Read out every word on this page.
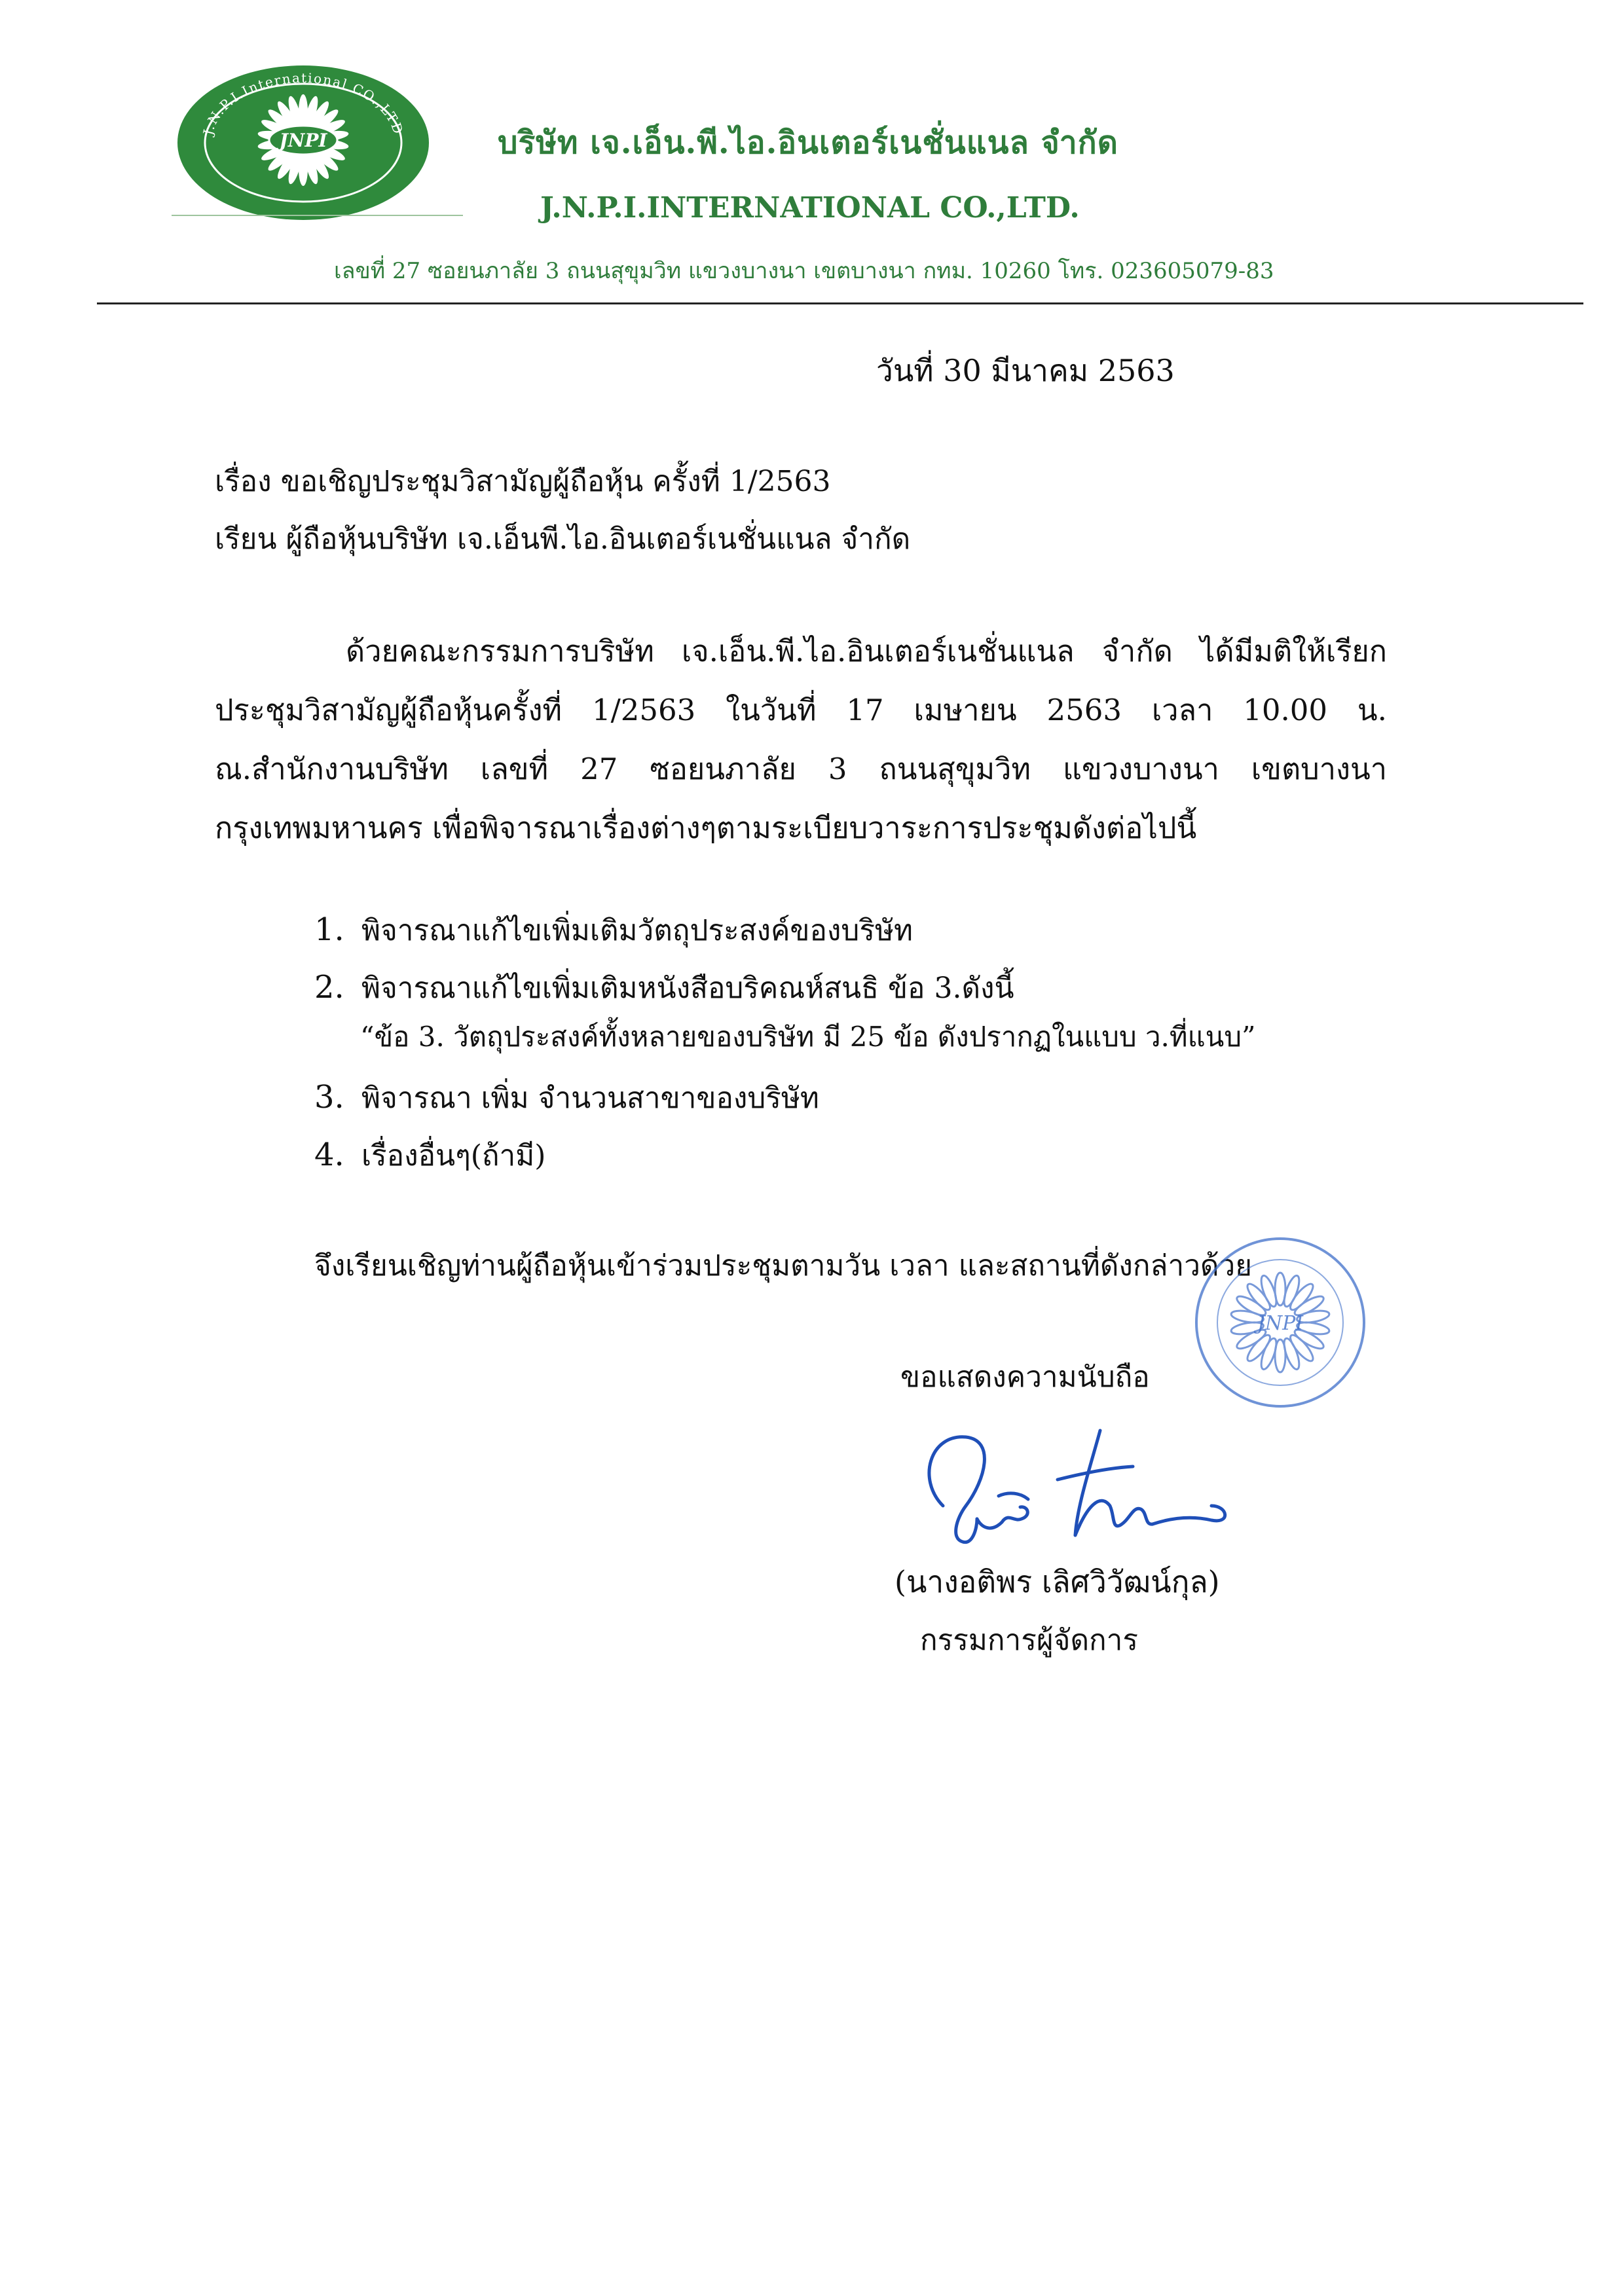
J.N.P.I.International CO.,LTD
JNPI	บริษัท เจ.เอ็น.พี.ไอ.อินเตอร์เนชั่นแนล จำกัด
J.N.P.I.INTERNATIONAL CO.,LTD.
เลขที่ 27 ซอยนภาลัย 3 ถนนสุขุมวิท แขวงบางนา เขตบางนา กทม. 10260 โทร. 023605079-83
วันที่ 30 มีนาคม 2563
เรื่อง ขอเชิญประชุมวิสามัญผู้ถือหุ้น ครั้งที่ 1/2563
เรียน ผู้ถือหุ้นบริษัท เจ.เอ็นพี.ไอ.อินเตอร์เนชั่นแนล จำกัด

ด้วยคณะกรรมการบริษัท เจ.เอ็น.พี.ไอ.อินเตอร์เนชั่นแนล จำกัด ได้มีมติให้เรียกประชุมวิสามัญผู้ถือหุ้นครั้งที่ 1/2563 ในวันที่ 17 เมษายน 2563 เวลา 10.00 น. ณ.สำนักงานบริษัท เลขที่ 27 ซอยนภาลัย 3 ถนนสุขุมวิท แขวงบางนา เขตบางนา กรุงเทพมหานคร เพื่อพิจารณาเรื่องต่างๆตามระเบียบวาระการประชุมดังต่อไปนี้

1. พิจารณาแก้ไขเพิ่มเติมวัตถุประสงค์ของบริษัท
2. พิจารณาแก้ไขเพิ่มเติมหนังสือบริคณห์สนธิ ข้อ 3.ดังนี้
“ข้อ 3. วัตถุประสงค์ทั้งหลายของบริษัท มี 25 ข้อ ดังปรากฏในแบบ ว.ที่แนบ”
3. พิจารณา เพิ่ม จำนวนสาขาของบริษัท
4. เรื่องอื่นๆ(ถ้ามี)
จึงเรียนเชิญท่านผู้ถือหุ้นเข้าร่วมประชุมตามวัน เวลา และสถานที่ดังกล่าวด้วย
JNPI
ขอแสดงความนับถือ
(นางอติพร เลิศวิวัฒน์กุล)
กรรมการผู้จัดการ
